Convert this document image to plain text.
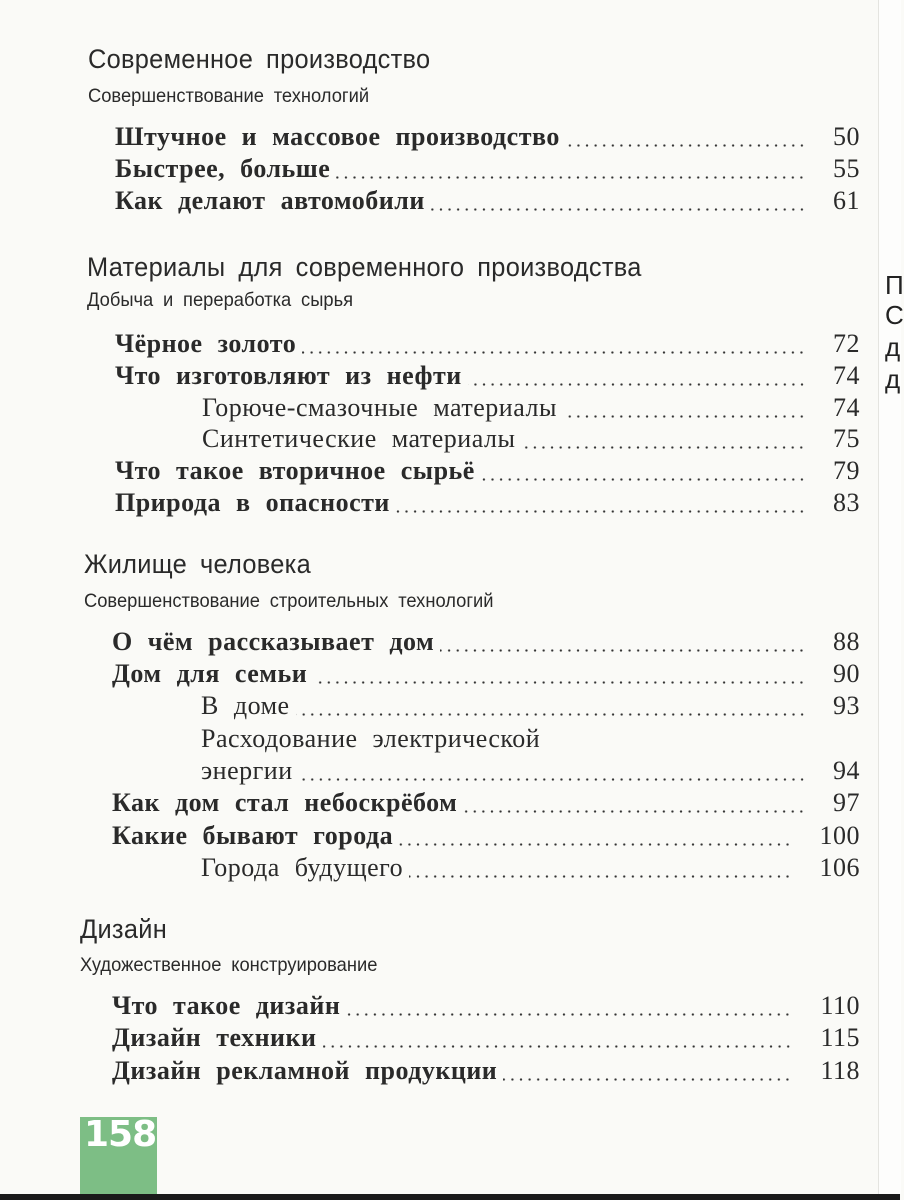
П
С
д
д
Современное производство
Совершенствование технологий
Штучное и массовое производство	50
Быстрее, больше	55
Как делают автомобили	61
Материалы для современного производства
Добыча и переработка сырья
Чёрное золото	72
Что изготовляют из нефти	74
Горюче-смазочные материалы	74
Синтетические материалы	75
Что такое вторичное сырьё	79
Природа в опасности	83
Жилище человека
Совершенствование строительных технологий
О чём рассказывает дом	88
Дом для семьи	90
В доме	93
Расходование электрической
энергии	94
Как дом стал небоскрёбом	97
Какие бывают города	100
Города будущего	106
Дизайн
Художественное конструирование
Что такое дизайн	110
Дизайн техники	115
Дизайн рекламной продукции	118
158
